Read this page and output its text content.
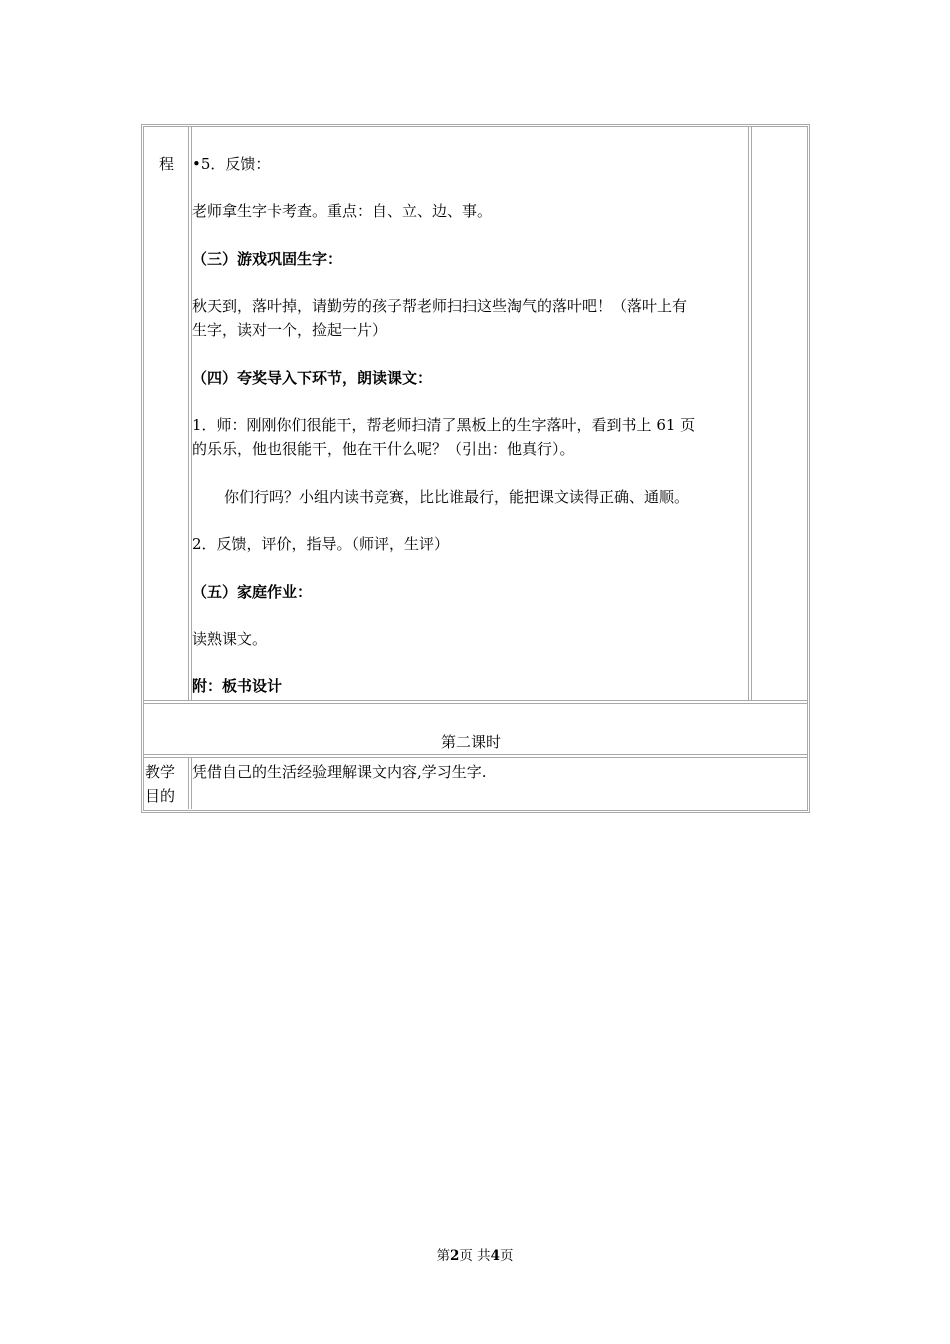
程 •5．反馈：
老师拿生字卡考查。重点：自、立、边、事。
（三）游戏巩固生字：
秋天到，落叶掉，请勤劳的孩子帮老师扫扫这些淘气的落叶吧！（落叶上有
生字，读对一个，捡起一片）
（四）夸奖导入下环节，朗读课文：
1．师：刚刚你们很能干，帮老师扫清了黑板上的生字落叶，看到书上 61 页
的乐乐，他也很能干，他在干什么呢？（引出：他真行）。
你们行吗？小组内读书竞赛，比比谁最行，能把课文读得正确、通顺。
2．反馈，评价，指导。（师评，生评）
（五）家庭作业：
读熟课文。
附：板书设计
第二课时
教学
目的
凭借自己的生活经验理解课文内容,学习生字.
第2页 共4页
